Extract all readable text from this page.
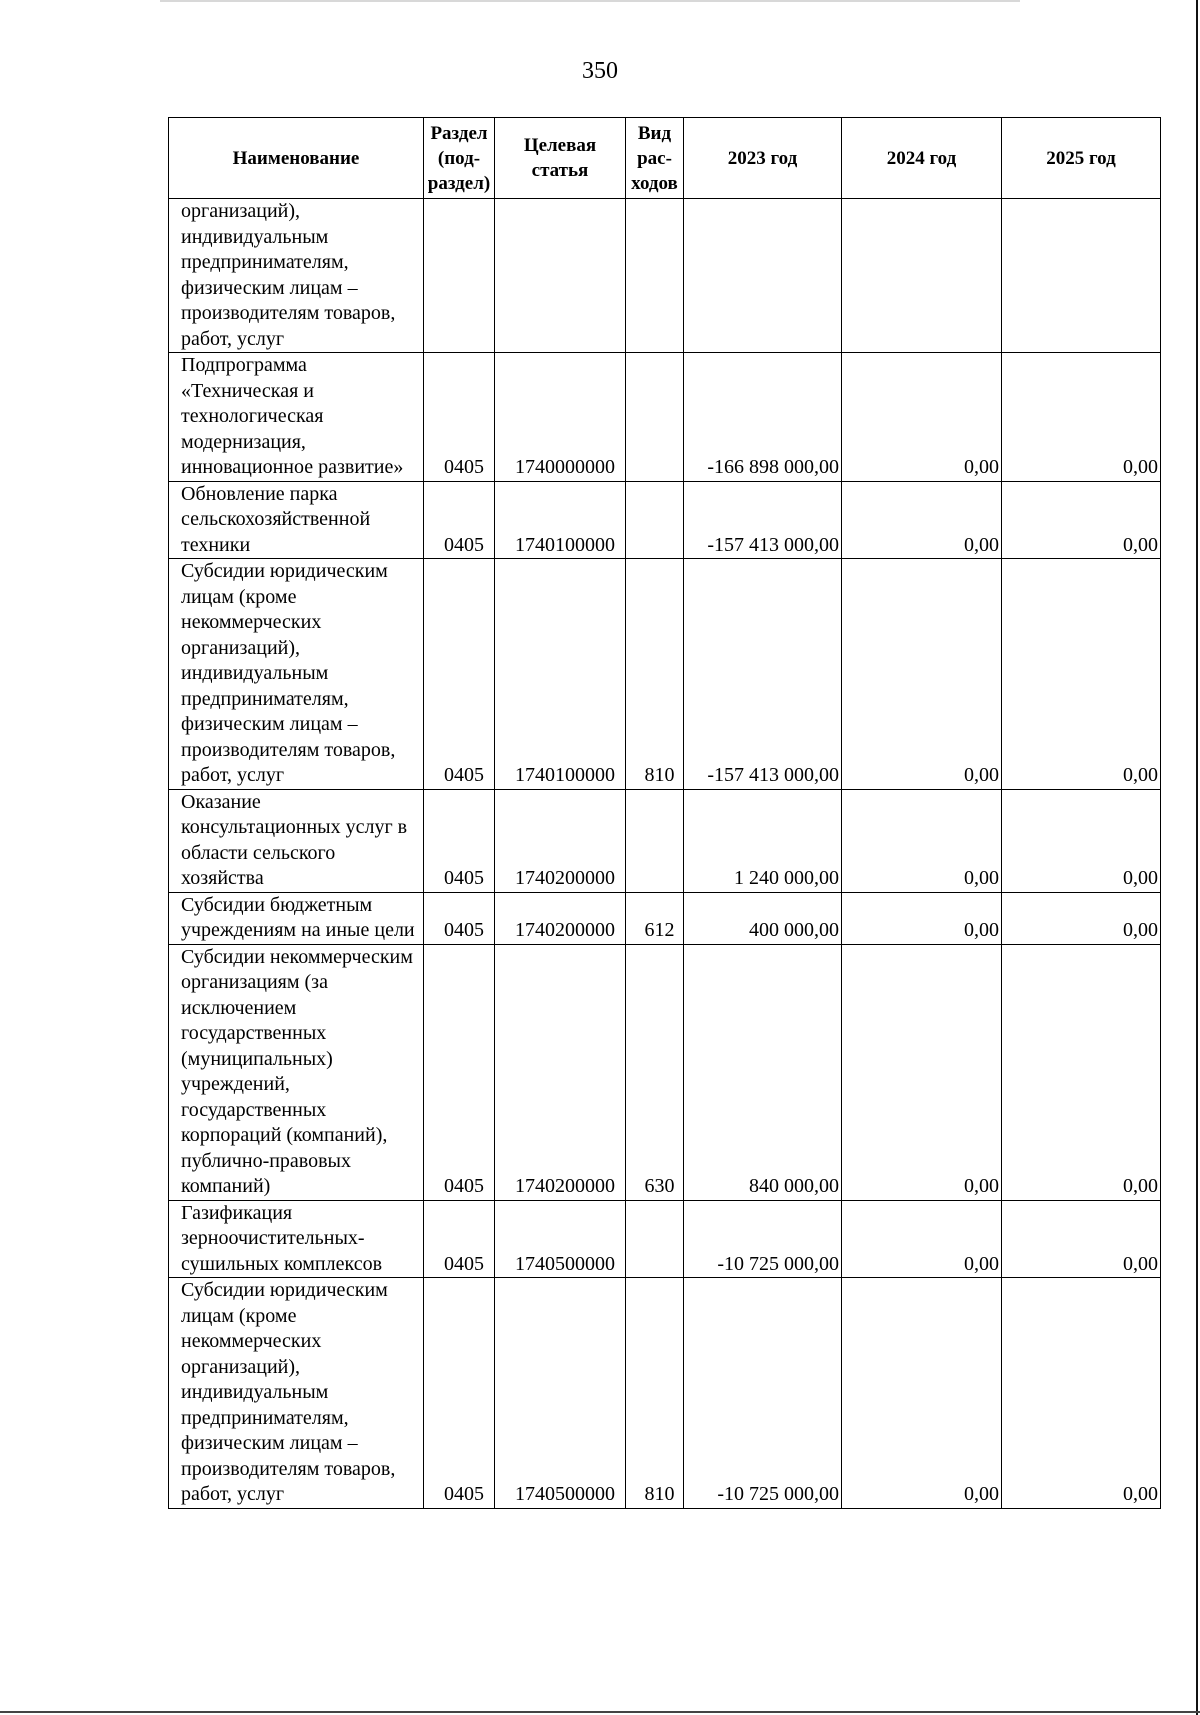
350
Наименование	Раздел (под-раздел)	Целевая статья	Вид рас-ходов	2023 год	2024 год	2025 год
организаций), индивидуальным предпринимателям, физическим лицам – производителям товаров, работ, услуг						
Подпрограмма «Техническая и технологическая модернизация, инновационное развитие»	0405	1740000000		-166 898 000,00	0,00	0,00
Обновление парка сельскохозяйственной техники	0405	1740100000		-157 413 000,00	0,00	0,00
Субсидии юридическим лицам (кроме некоммерческих организаций), индивидуальным предпринимателям, физическим лицам – производителям товаров, работ, услуг	0405	1740100000	810	-157 413 000,00	0,00	0,00
Оказание консультационных услуг в области сельского хозяйства	0405	1740200000		1 240 000,00	0,00	0,00
Субсидии бюджетным учреждениям на иные цели	0405	1740200000	612	400 000,00	0,00	0,00
Субсидии некоммерческим организациям (за исключением государственных (муниципальных) учреждений, государственных корпораций (компаний), публично-правовых компаний)	0405	1740200000	630	840 000,00	0,00	0,00
Газификация зерноочистительных-сушильных комплексов	0405	1740500000		-10 725 000,00	0,00	0,00
Субсидии юридическим лицам (кроме некоммерческих организаций), индивидуальным предпринимателям, физическим лицам – производителям товаров, работ, услуг	0405	1740500000	810	-10 725 000,00	0,00	0,00
